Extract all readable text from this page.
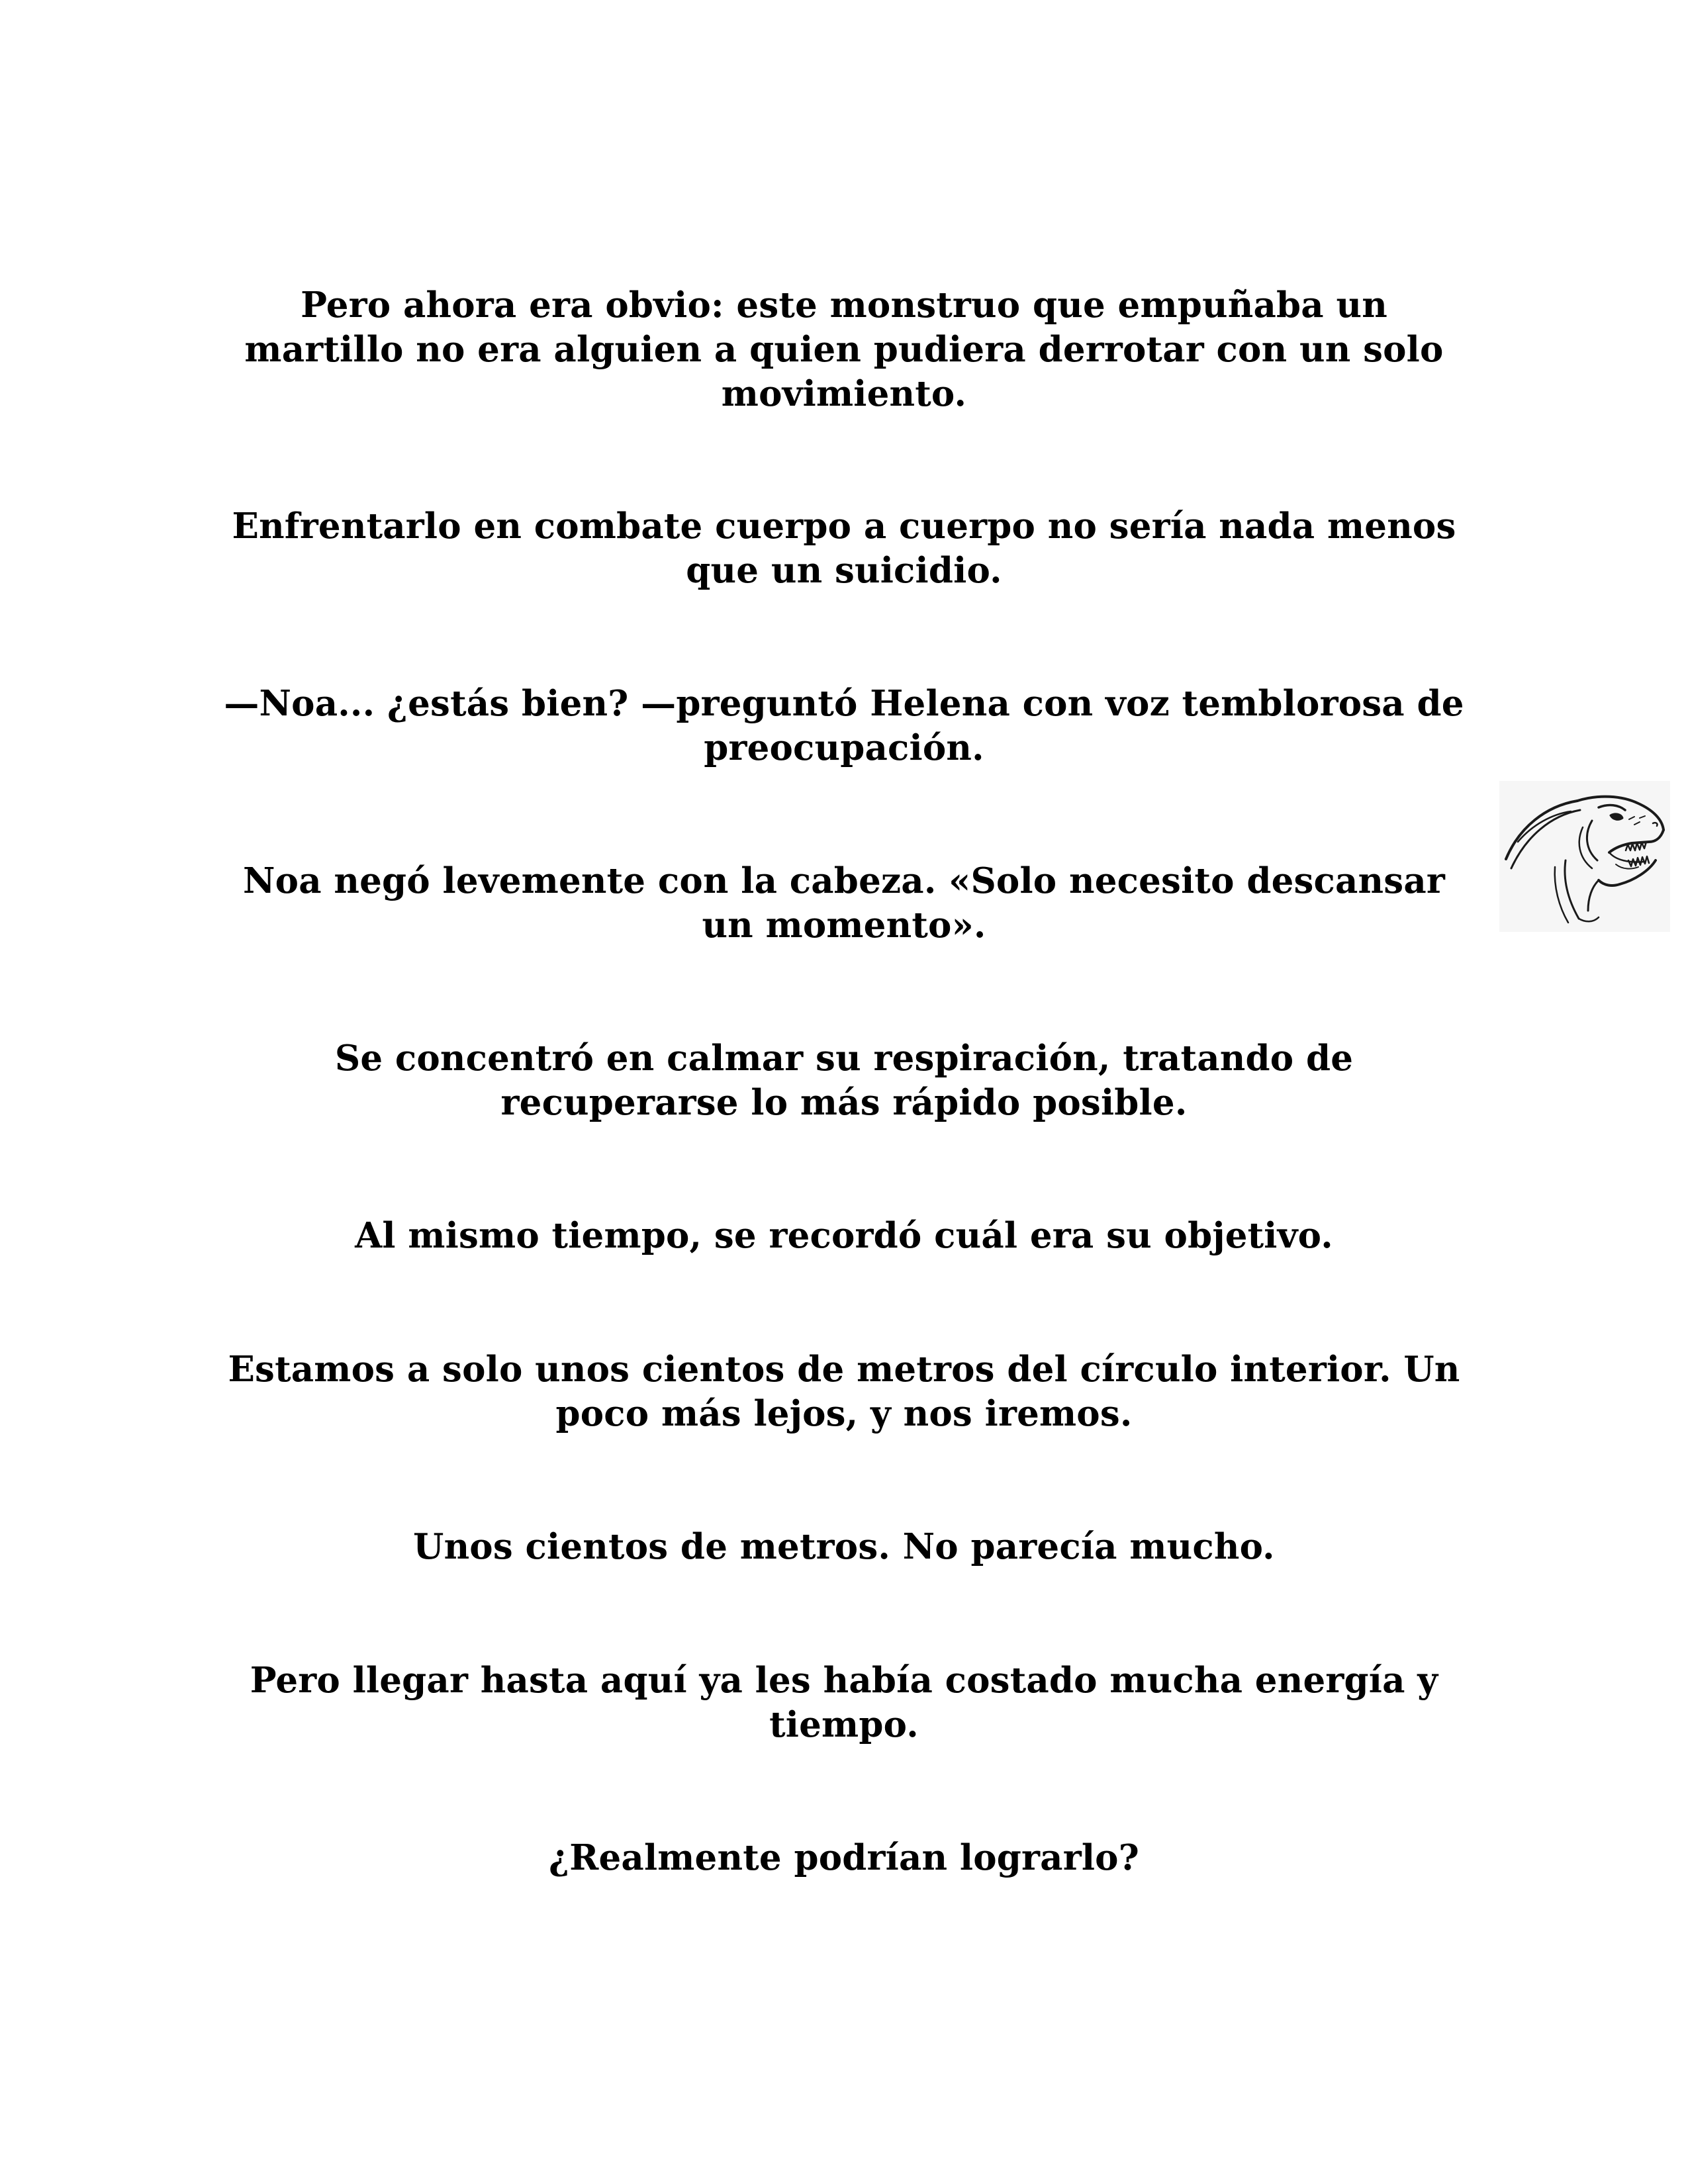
Pero ahora era obvio: este monstruo que empuñaba un martillo no era alguien a quien pudiera derrotar con un solo movimiento.

Enfrentarlo en combate cuerpo a cuerpo no sería nada menos que un suicidio.

—Noa... ¿estás bien? —preguntó Helena con voz temblorosa de preocupación.

Noa negó levemente con la cabeza. «Solo necesito descansar un momento».

Se concentró en calmar su respiración, tratando de recuperarse lo más rápido posible.

Al mismo tiempo, se recordó cuál era su objetivo.

Estamos a solo unos cientos de metros del círculo interior. Un poco más lejos, y nos iremos.

Unos cientos de metros. No parecía mucho.

Pero llegar hasta aquí ya les había costado mucha energía y tiempo.

¿Realmente podrían lograrlo?
